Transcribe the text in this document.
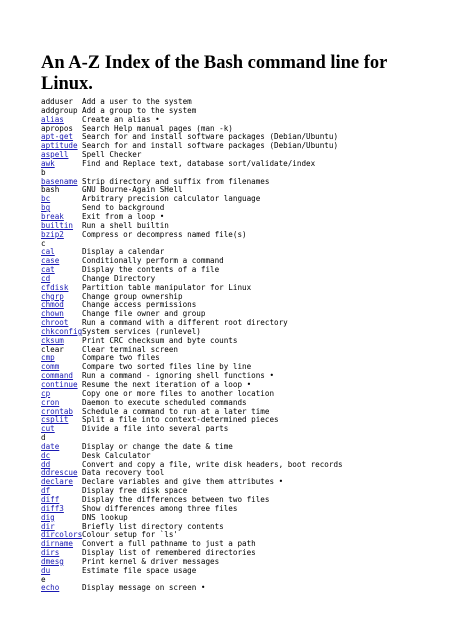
An A-Z Index of the Bash command line for Linux.
adduser	Add a user to the system
addgroup Add a group to the system
alias	Create an alias •
apropos	Search Help manual pages (man -k)
apt-get	Search for and install software packages (Debian/Ubuntu)
aptitude Search for and install software packages (Debian/Ubuntu)
aspell	Spell Checker
awk	Find and Replace text, database sort/validate/index
b
basename Strip directory and suffix from filenames
bash	GNU Bourne-Again SHell
bc	Arbitrary precision calculator language
bg	Send to background
break	Exit from a loop •
builtin	Run a shell builtin
bzip2	Compress or decompress named file(s)
c
cal	Display a calendar
case	Conditionally perform a command
cat	Display the contents of a file
cd	Change Directory
cfdisk	Partition table manipulator for Linux
chgrp	Change group ownership
chmod	Change access permissions
chown	Change file owner and group
chroot	Run a command with a different root directory
chkconfig System services (runlevel)
cksum	Print CRC checksum and byte counts
clear	Clear terminal screen
cmp	Compare two files
comm	Compare two sorted files line by line
command	Run a command - ignoring shell functions •
continue Resume the next iteration of a loop •
cp	Copy one or more files to another location
cron	Daemon to execute scheduled commands
crontab	Schedule a command to run at a later time
csplit	Split a file into context-determined pieces
cut	Divide a file into several parts
d
date	Display or change the date & time
dc	Desk Calculator
dd	Convert and copy a file, write disk headers, boot records
ddrescue Data recovery tool
declare	Declare variables and give them attributes •
df	Display free disk space
diff	Display the differences between two files
diff3	Show differences among three files
dig	DNS lookup
dir	Briefly list directory contents
dircolors Colour setup for `ls'
dirname	Convert a full pathname to just a path
dirs	Display list of remembered directories
dmesg	Print kernel & driver messages
du	Estimate file space usage
e
echo	Display message on screen •
